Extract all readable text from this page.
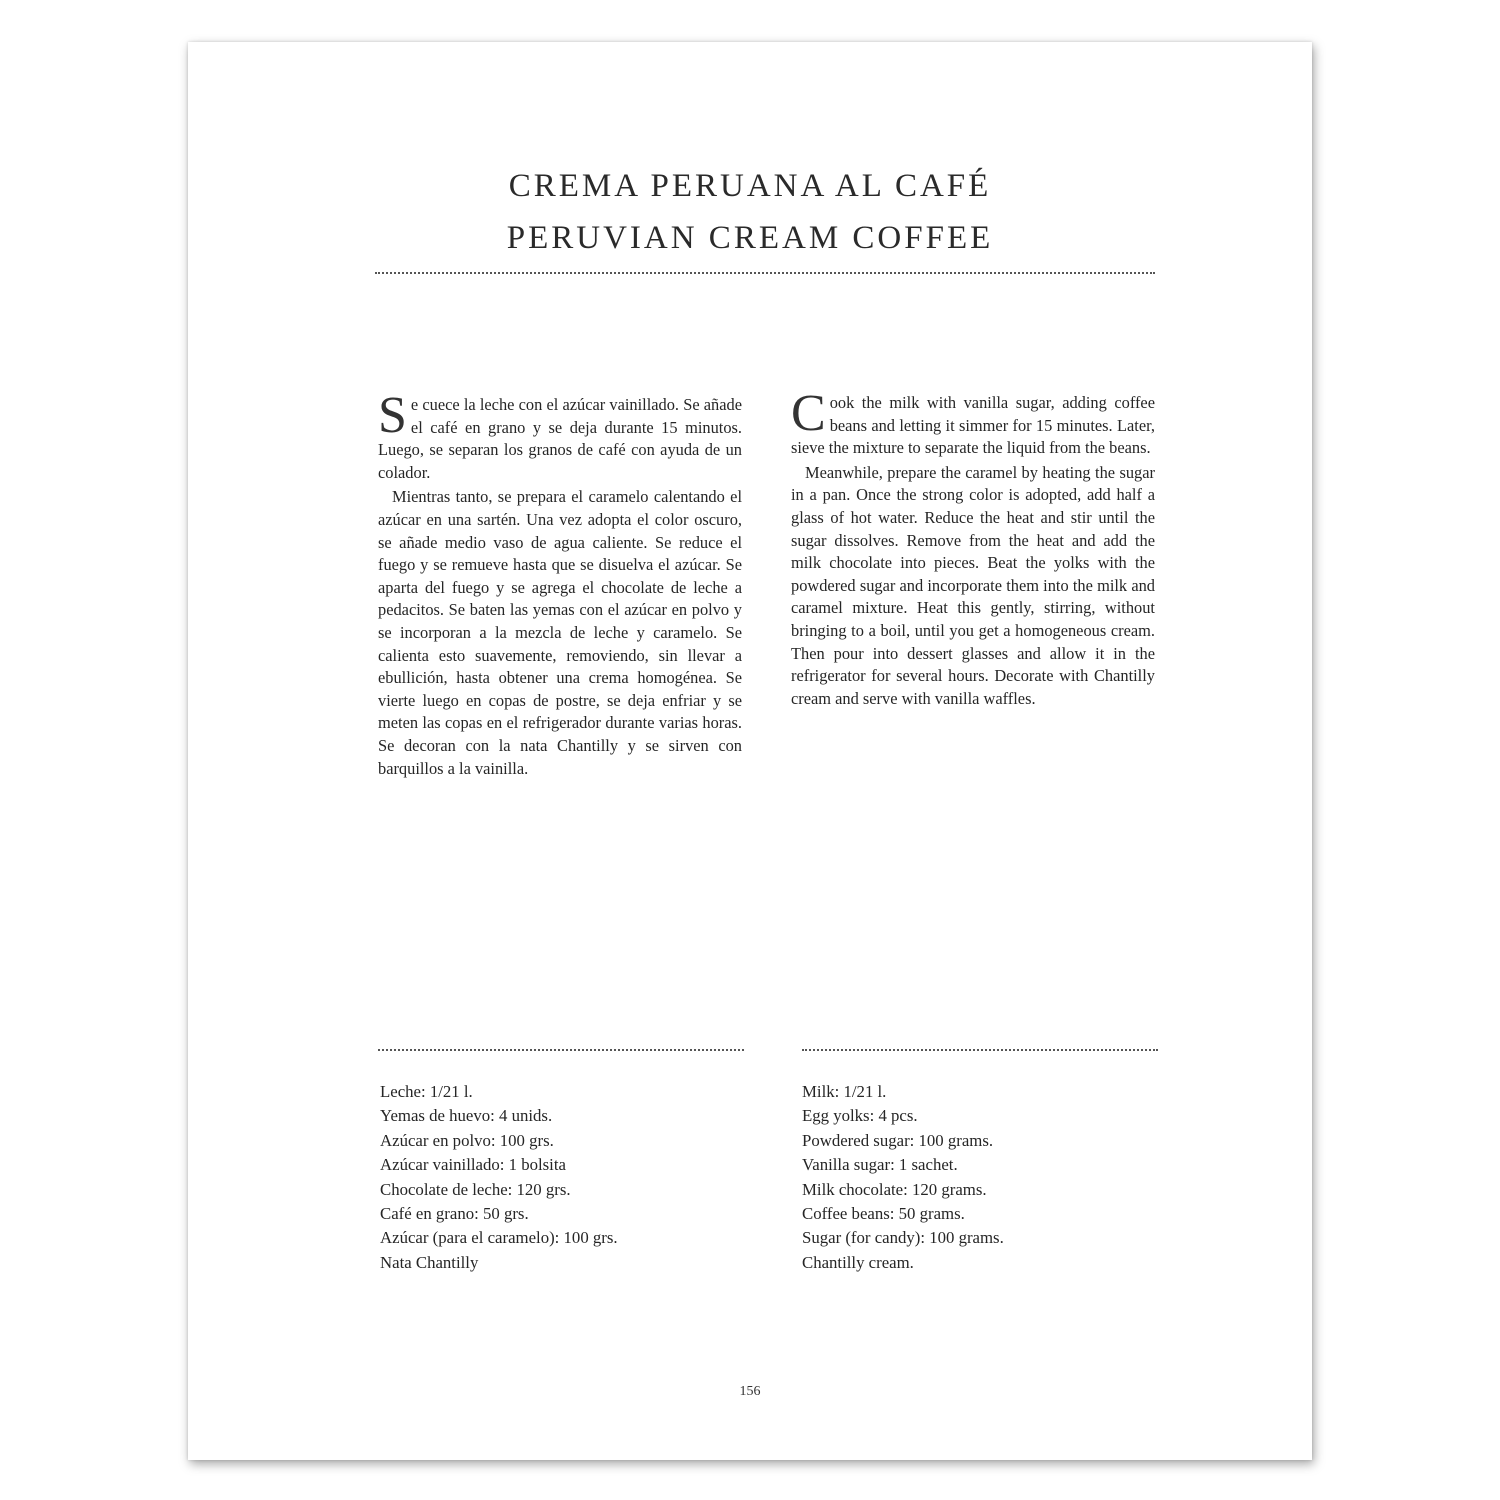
CREMA PERUANA AL CAFÉ
PERUVIAN CREAM COFFEE

Se cuece la leche con el azúcar vainillado. Se añade el café en grano y se deja durante 15 minutos. Luego, se separan los granos de café con ayuda de un colador.

Mientras tanto, se prepara el caramelo calentando el azúcar en una sartén. Una vez adopta el color oscuro, se añade medio vaso de agua caliente. Se reduce el fuego y se remueve hasta que se disuelva el azúcar. Se aparta del fuego y se agrega el chocolate de leche a pedacitos. Se baten las yemas con el azúcar en polvo y se incorporan a la mezcla de leche y caramelo. Se calienta esto suavemente, removiendo, sin llevar a ebullición, hasta obtener una crema homogénea. Se vierte luego en copas de postre, se deja enfriar y se meten las copas en el refrigerador durante varias horas. Se decoran con la nata Chantilly y se sirven con barquillos a la vainilla.

Cook the milk with vanilla sugar, adding coffee beans and letting it simmer for 15 minutes. Later, sieve the mixture to separate the liquid from the beans.

Meanwhile, prepare the caramel by heating the sugar in a pan. Once the strong color is adopted, add half a glass of hot water. Reduce the heat and stir until the sugar dissolves. Remove from the heat and add the milk chocolate into pieces. Beat the yolks with the powdered sugar and incorporate them into the milk and caramel mixture. Heat this gently, stirring, without bringing to a boil, until you get a homogeneous cream. Then pour into dessert glasses and allow it in the refrigerator for several hours. Decorate with Chantilly cream and serve with vanilla waffles.

Leche: 1/21 l.
Yemas de huevo: 4 unids.
Azúcar en polvo: 100 grs.
Azúcar vainillado: 1 bolsita
Chocolate de leche: 120 grs.
Café en grano: 50 grs.
Azúcar (para el caramelo): 100 grs.
Nata Chantilly
Milk: 1/21 l.
Egg yolks: 4 pcs.
Powdered sugar: 100 grams.
Vanilla sugar: 1 sachet.
Milk chocolate: 120 grams.
Coffee beans: 50 grams.
Sugar (for candy): 100 grams.
Chantilly cream.
156
